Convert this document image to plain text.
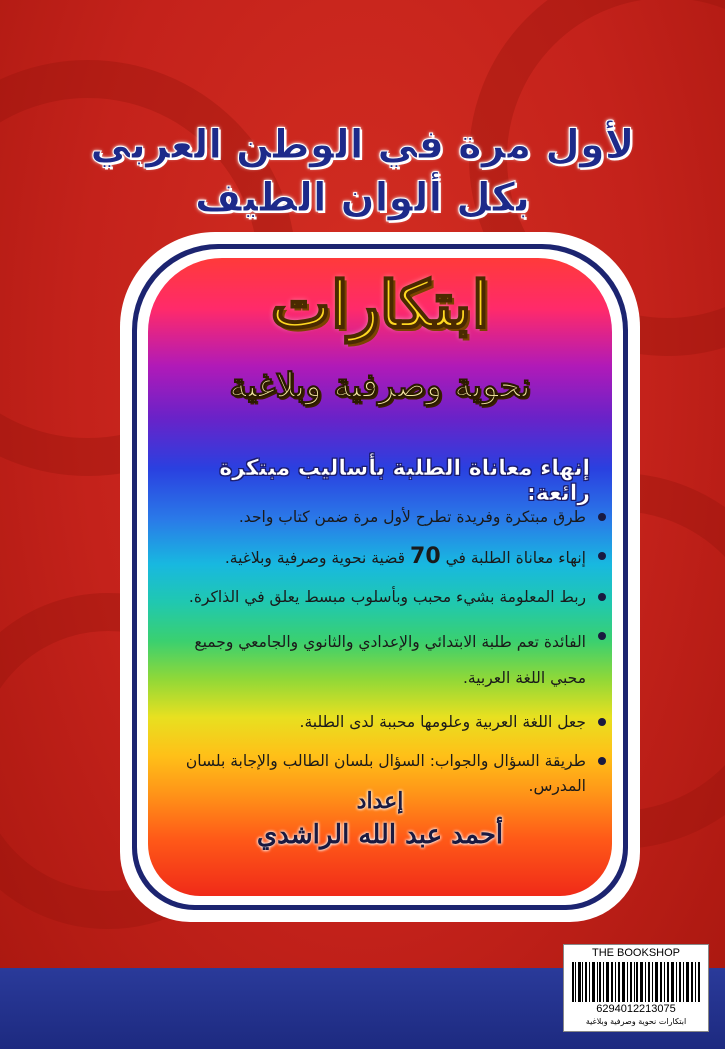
لأول مرة في الوطن العربي
بكل ألوان الطيف
ابتكارات
نحوية وصرفية وبلاغية
إنهاء معاناة الطلبة بأساليب مبتكرة رائعة:
طرق مبتكرة وفريدة تطرح لأول مرة ضمن كتاب واحد.
إنهاء معاناة الطلبة في 70 قضية نحوية وصرفية وبلاغية.
ربط المعلومة بشيء محبب وبأسلوب مبسط يعلق في الذاكرة.
الفائدة تعم طلبة الابتدائي والإعدادي والثانوي والجامعي وجميع محبي اللغة العربية.
جعل اللغة العربية وعلومها محببة لدى الطلبة.
طريقة السؤال والجواب: السؤال بلسان الطالب والإجابة بلسان المدرس.
إعداد
أحمد عبد الله الراشدي
THE BOOKSHOP
6294012213075
ابتكارات نحوية وصرفية وبلاغية
